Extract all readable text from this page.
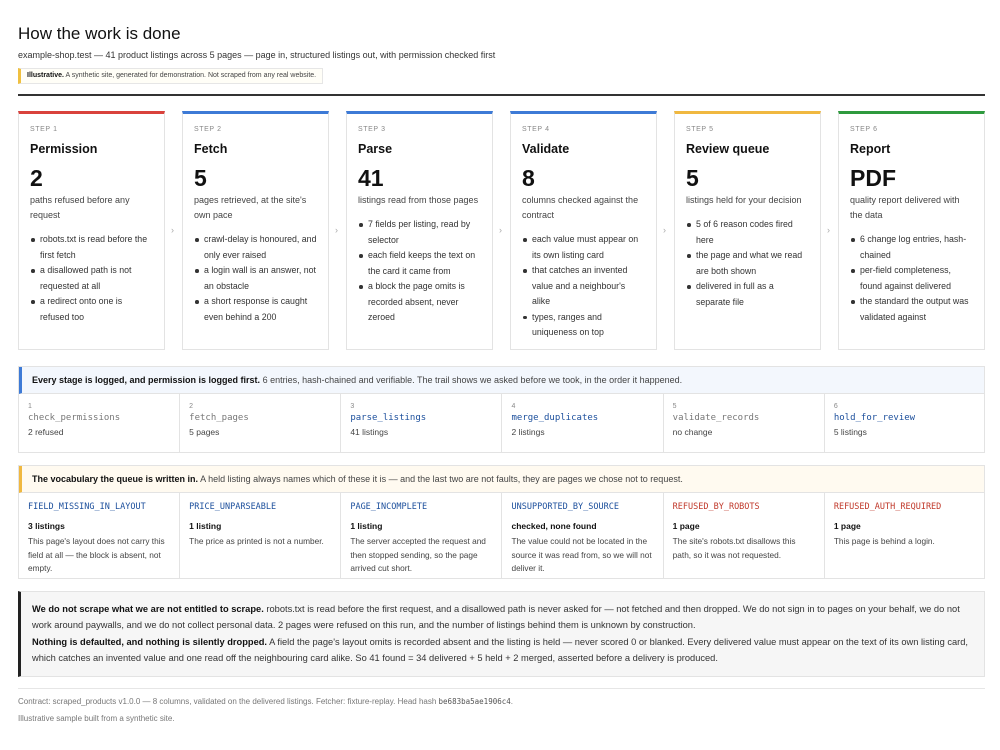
How the work is done
example-shop.test — 41 product listings across 5 pages — page in, structured listings out, with permission checked first
Illustrative. A synthetic site, generated for demonstration. Not scraped from any real website.
STEP 1
Permission
2
paths refused before any request
robots.txt is read before the first fetch
a disallowed path is not requested at all
a redirect onto one is refused too
›
STEP 2
Fetch
5
pages retrieved, at the site's own pace
crawl-delay is honoured, and only ever raised
a login wall is an answer, not an obstacle
a short response is caught even behind a 200
›
STEP 3
Parse
41
listings read from those pages
7 fields per listing, read by selector
each field keeps the text on the card it came from
a block the page omits is recorded absent, never zeroed
›
STEP 4
Validate
8
columns checked against the contract
each value must appear on its own listing card
that catches an invented value and a neighbour's alike
types, ranges and uniqueness on top
›
STEP 5
Review queue
5
listings held for your decision
5 of 6 reason codes fired here
the page and what we read are both shown
delivered in full as a separate file
›
STEP 6
Report
PDF
quality report delivered with the data
6 change log entries, hash-chained
per-field completeness, found against delivered
the standard the output was validated against
Every stage is logged, and permission is logged first. 6 entries, hash-chained and verifiable. The trail shows we asked before we took, in the order it happened.
1
check_permissions
2 refused
2
fetch_pages
5 pages
3
parse_listings
41 listings
4
merge_duplicates
2 listings
5
validate_records
no change
6
hold_for_review
5 listings
The vocabulary the queue is written in. A held listing always names which of these it is — and the last two are not faults, they are pages we chose not to request.
FIELD_MISSING_IN_LAYOUT
3 listings
This page's layout does not carry this field at all — the block is absent, not empty.
PRICE_UNPARSEABLE
1 listing
The price as printed is not a number.
PAGE_INCOMPLETE
1 listing
The server accepted the request and then stopped sending, so the page arrived cut short.
UNSUPPORTED_BY_SOURCE
checked, none found
The value could not be located in the source it was read from, so we will not deliver it.
REFUSED_BY_ROBOTS
1 page
The site's robots.txt disallows this path, so it was not requested.
REFUSED_AUTH_REQUIRED
1 page
This page is behind a login.

We do not scrape what we are not entitled to scrape. robots.txt is read before the first request, and a disallowed path is never asked for — not fetched and then dropped. We do not sign in to pages on your behalf, we do not work around paywalls, and we do not collect personal data. 2 pages were refused on this run, and the number of listings behind them is unknown by construction.

Nothing is defaulted, and nothing is silently dropped. A field the page's layout omits is recorded absent and the listing is held — never scored 0 or blanked. Every delivered value must appear on the text of its own listing card, which catches an invented value and one read off the neighbouring card alike. So 41 found = 34 delivered + 5 held + 2 merged, asserted before a delivery is produced.

Contract: scraped_products v1.0.0 — 8 columns, validated on the delivered listings. Fetcher: fixture-replay. Head hash be683ba5ae1906c4.
Illustrative sample built from a synthetic site.
